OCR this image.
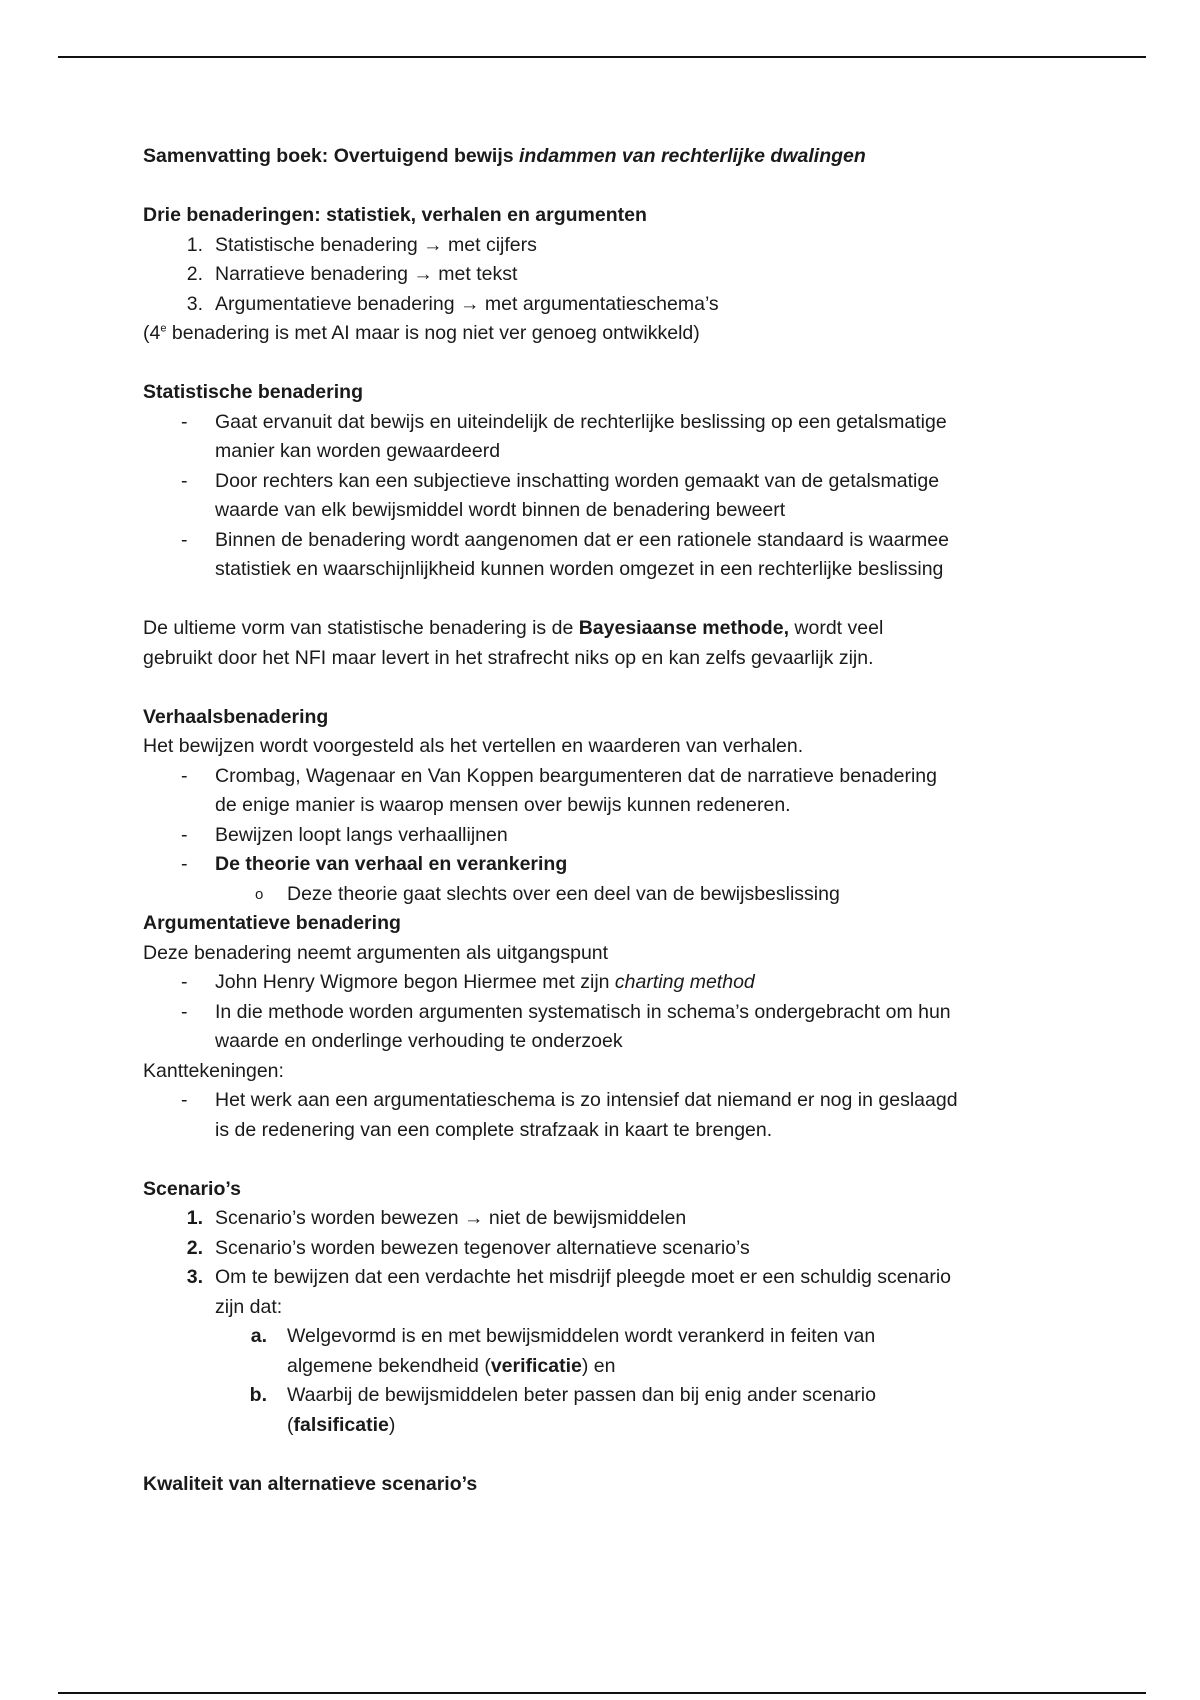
Samenvatting boek: Overtuigend bewijs indammen van rechterlijke dwalingen

Drie benaderingen: statistiek, verhalen en argumenten

1. Statistische benadering → met cijfers
2. Narratieve benadering → met tekst
3. Argumentatieve benadering → met argumentatieschema’s

(4e benadering is met AI maar is nog niet ver genoeg ontwikkeld)

Statistische benadering

-	Gaat ervanuit dat bewijs en uiteindelijk de rechterlijke beslissing op een getalsmatige
manier kan worden gewaardeerd
-	Door rechters kan een subjectieve inschatting worden gemaakt van de getalsmatige
waarde van elk bewijsmiddel wordt binnen de benadering beweert
-	Binnen de benadering wordt aangenomen dat er een rationele standaard is waarmee
statistiek en waarschijnlijkheid kunnen worden omgezet in een rechterlijke beslissing

De ultieme vorm van statistische benadering is de Bayesiaanse methode, wordt veel

gebruikt door het NFI maar levert in het strafrecht niks op en kan zelfs gevaarlijk zijn.

Verhaalsbenadering

Het bewijzen wordt voorgesteld als het vertellen en waarderen van verhalen.

-	Crombag, Wagenaar en Van Koppen beargumenteren dat de narratieve benadering
de enige manier is waarop mensen over bewijs kunnen redeneren.
-	Bewijzen loopt langs verhaallijnen
-	De theorie van verhaal en verankering
o	Deze theorie gaat slechts over een deel van de bewijsbeslissing

Argumentatieve benadering

Deze benadering neemt argumenten als uitgangspunt

-	John Henry Wigmore begon Hiermee met zijn charting method
-	In die methode worden argumenten systematisch in schema’s ondergebracht om hun
waarde en onderlinge verhouding te onderzoek

Kanttekeningen:

-	Het werk aan een argumentatieschema is zo intensief dat niemand er nog in geslaagd
is de redenering van een complete strafzaak in kaart te brengen.

Scenario’s

1. Scenario’s worden bewezen → niet de bewijsmiddelen
2. Scenario’s worden bewezen tegenover alternatieve scenario’s
3. Om te bewijzen dat een verdachte het misdrijf pleegde moet er een schuldig scenario
zijn dat:
a. Welgevormd is en met bewijsmiddelen wordt verankerd in feiten van
algemene bekendheid (verificatie) en
b. Waarbij de bewijsmiddelen beter passen dan bij enig ander scenario
(falsificatie)

Kwaliteit van alternatieve scenario’s
